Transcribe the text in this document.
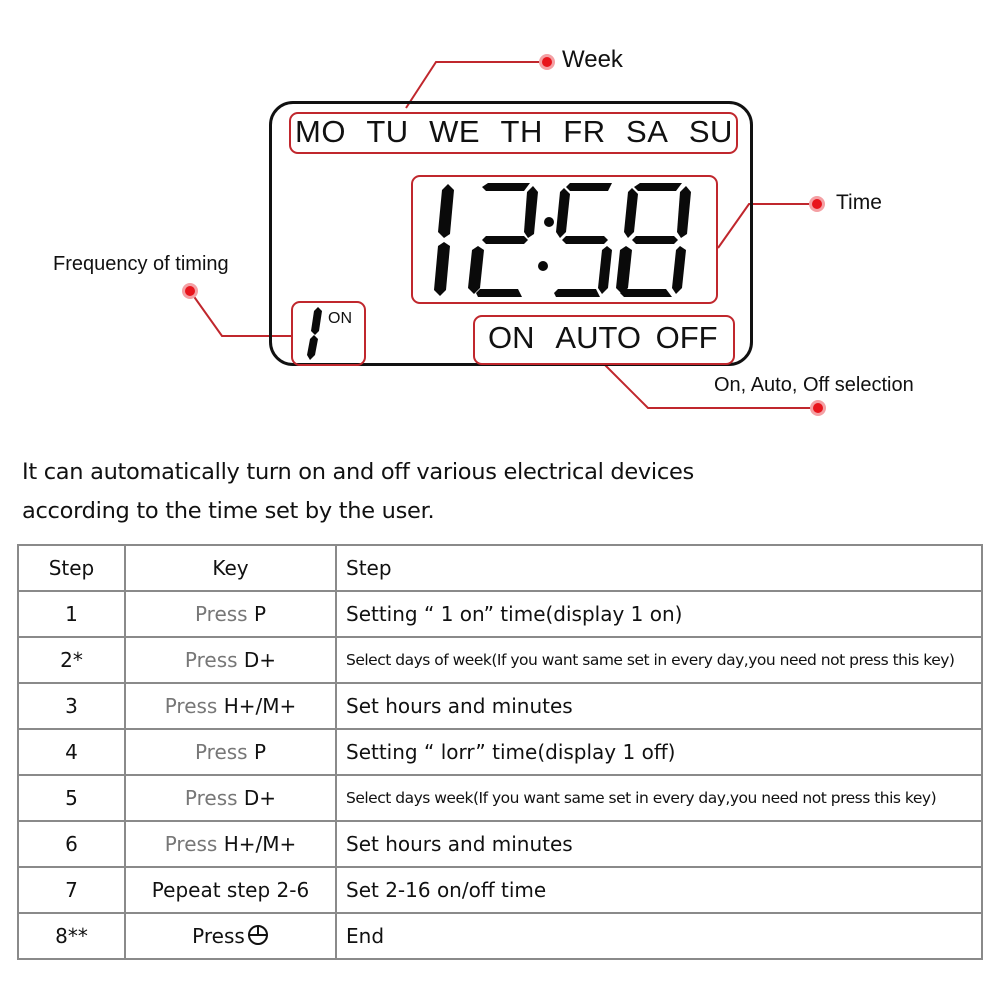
Week
Time
Frequency of timing
On, Auto, Off selection
MO TU WE TH FR SA SU
ON
ON AUTO OFF
It can automatically turn on and off various electrical devices
according to the time set by the user.
Step	Key	Step
1	Press P	Setting “ 1 on” time(display 1 on)
2*	Press D+	Select days of week(If you want same set in every day,you need not press this key)
3	Press H+/M+	Set hours and minutes
4	Press P	Setting “ lorr” time(display 1 off)
5	Press D+	Select days week(If you want same set in every day,you need not press this key)
6	Press H+/M+	Set hours and minutes
7	Pepeat step 2-6	Set 2-16 on/off time
8**	Press	End
